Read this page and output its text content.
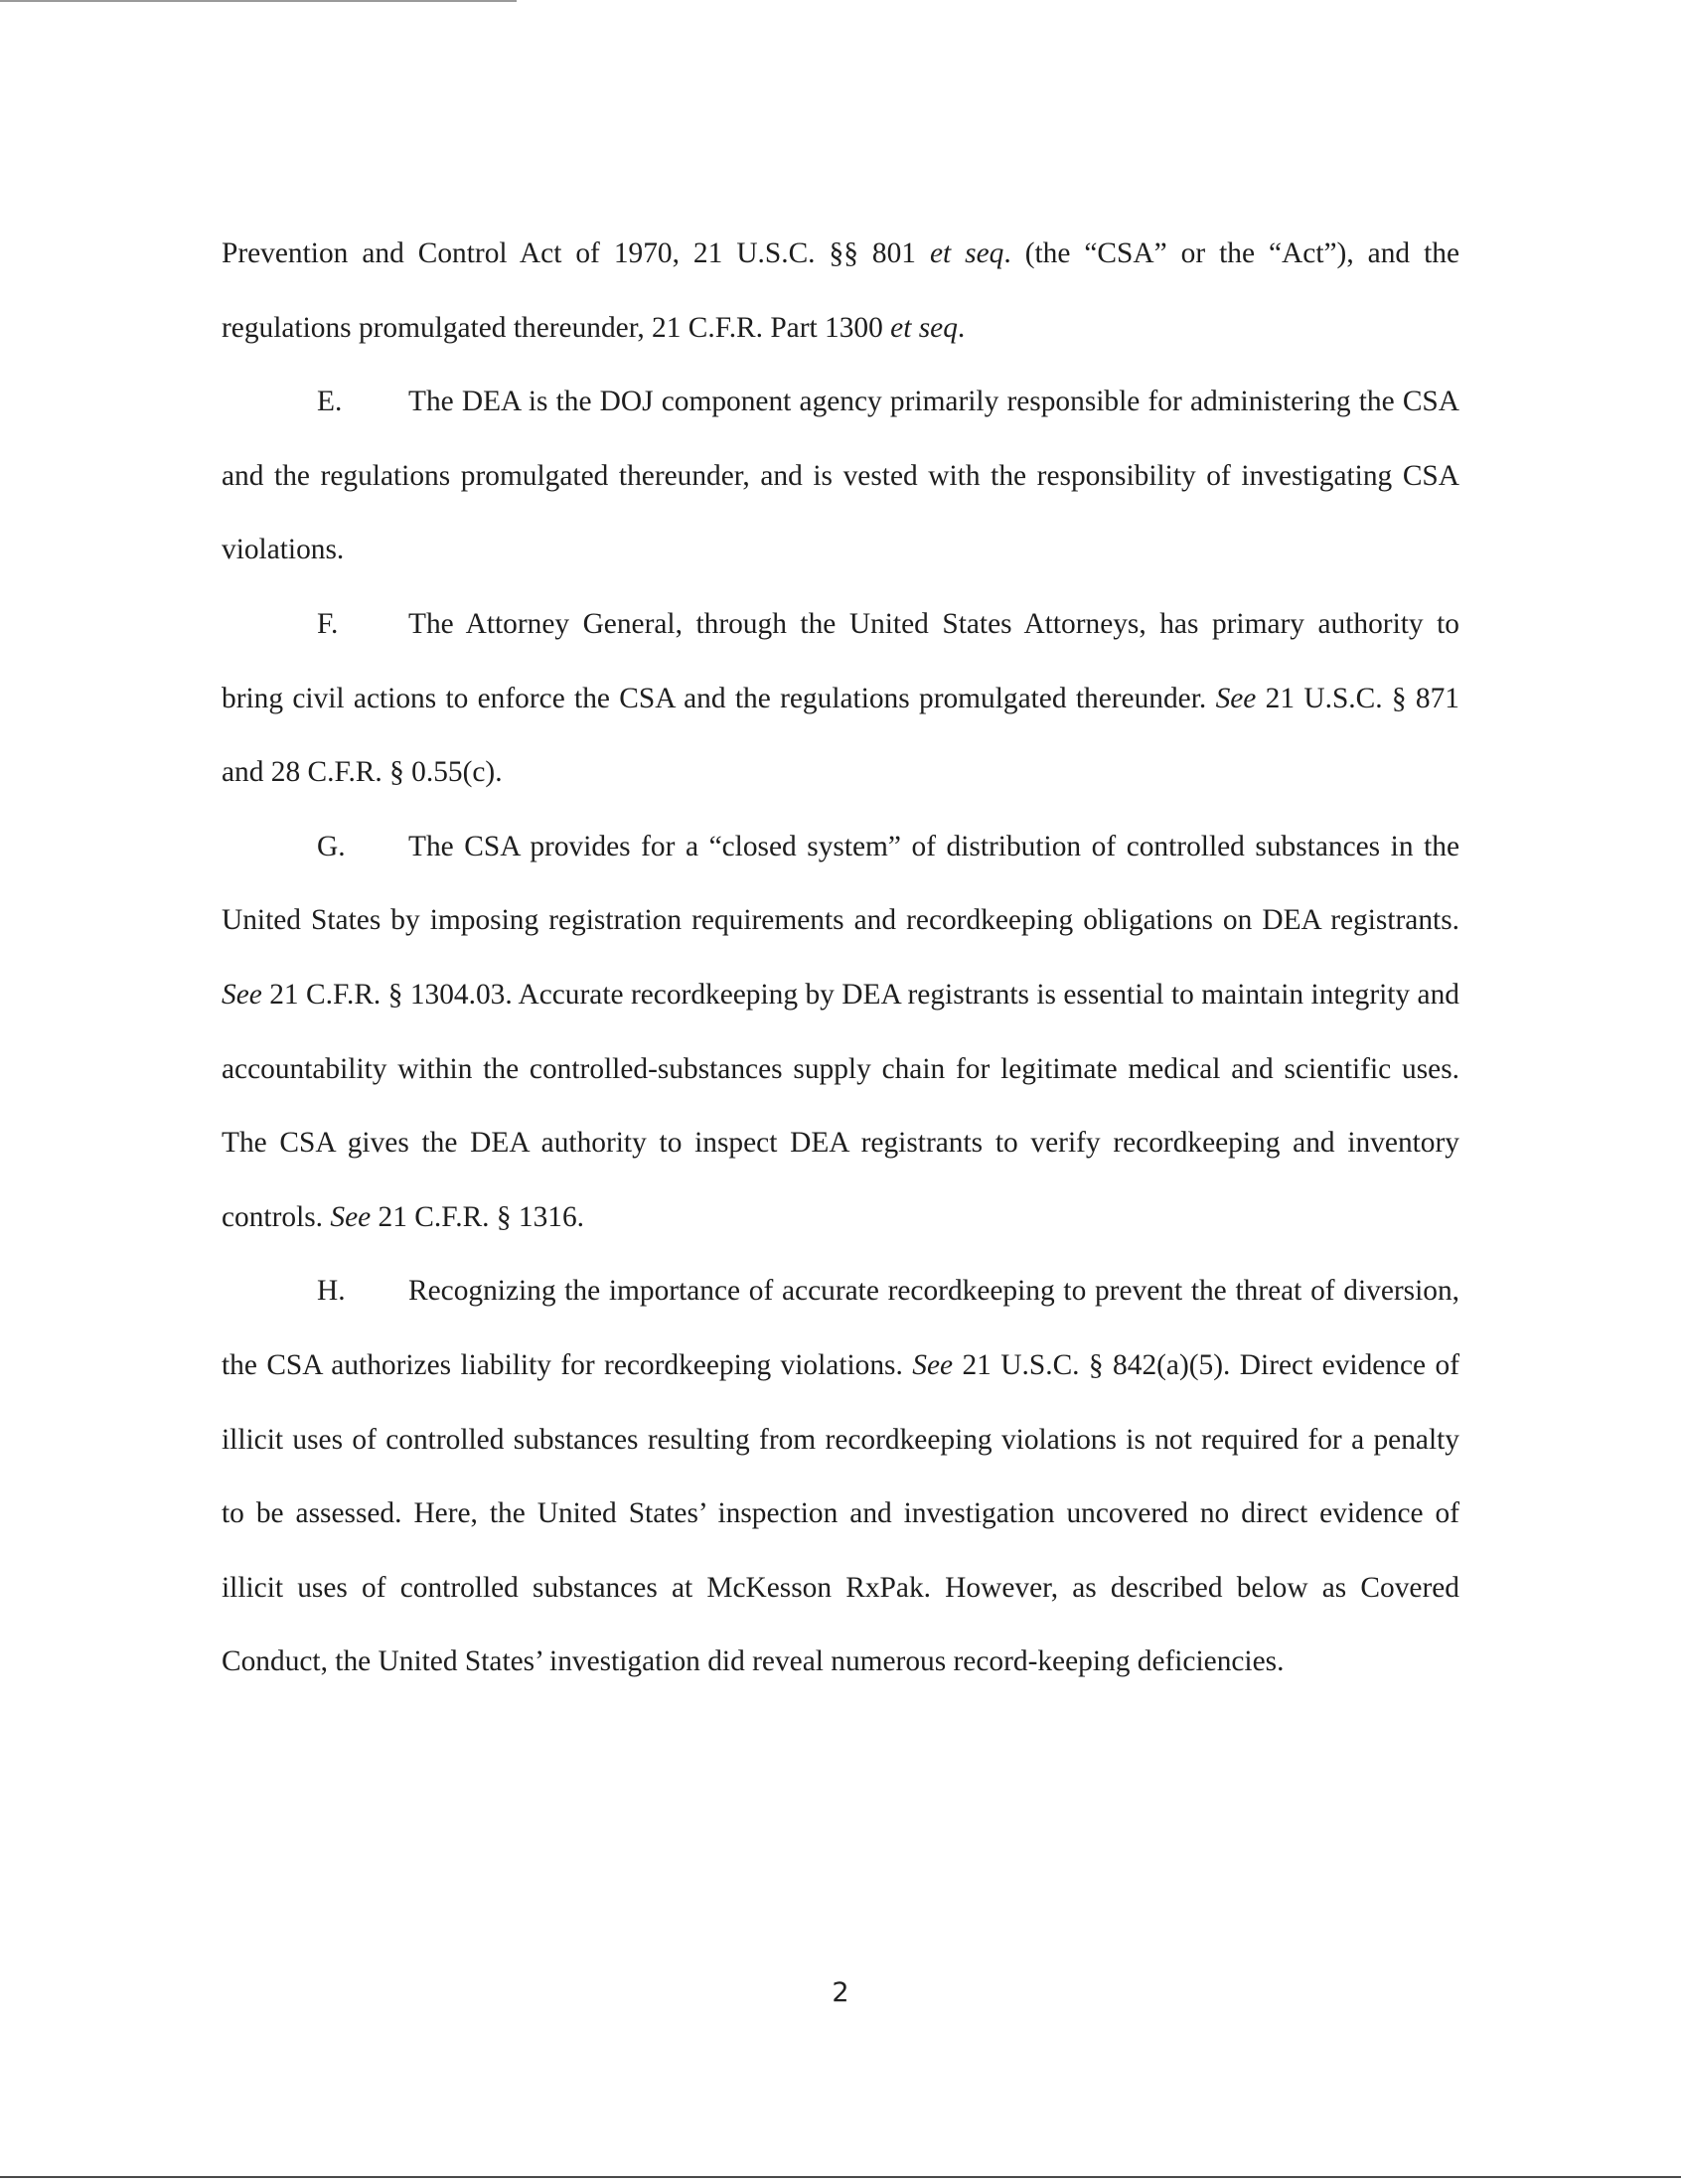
Prevention and Control Act of 1970, 21 U.S.C. §§ 801 et seq. (the “CSA” or the “Act”), and the regulations promulgated thereunder, 21 C.F.R. Part 1300 et seq.

E. The DEA is the DOJ component agency primarily responsible for administering the CSA and the regulations promulgated thereunder, and is vested with the responsibility of investigating CSA violations.

F. The Attorney General, through the United States Attorneys, has primary authority to bring civil actions to enforce the CSA and the regulations promulgated thereunder. See 21 U.S.C. § 871 and 28 C.F.R. § 0.55(c).

G. The CSA provides for a “closed system” of distribution of controlled substances in the United States by imposing registration requirements and recordkeeping obligations on DEA registrants. See 21 C.F.R. § 1304.03. Accurate recordkeeping by DEA registrants is essential to maintain integrity and accountability within the controlled-substances supply chain for legitimate medical and scientific uses. The CSA gives the DEA authority to inspect DEA registrants to verify recordkeeping and inventory controls. See 21 C.F.R. § 1316.

H. Recognizing the importance of accurate recordkeeping to prevent the threat of diversion, the CSA authorizes liability for recordkeeping violations. See 21 U.S.C. § 842(a)(5). Direct evidence of illicit uses of controlled substances resulting from recordkeeping violations is not required for a penalty to be assessed. Here, the United States’ inspection and investigation uncovered no direct evidence of illicit uses of controlled substances at McKesson RxPak. However, as described below as Covered Conduct, the United States’ investigation did reveal numerous record-keeping deficiencies.

2
